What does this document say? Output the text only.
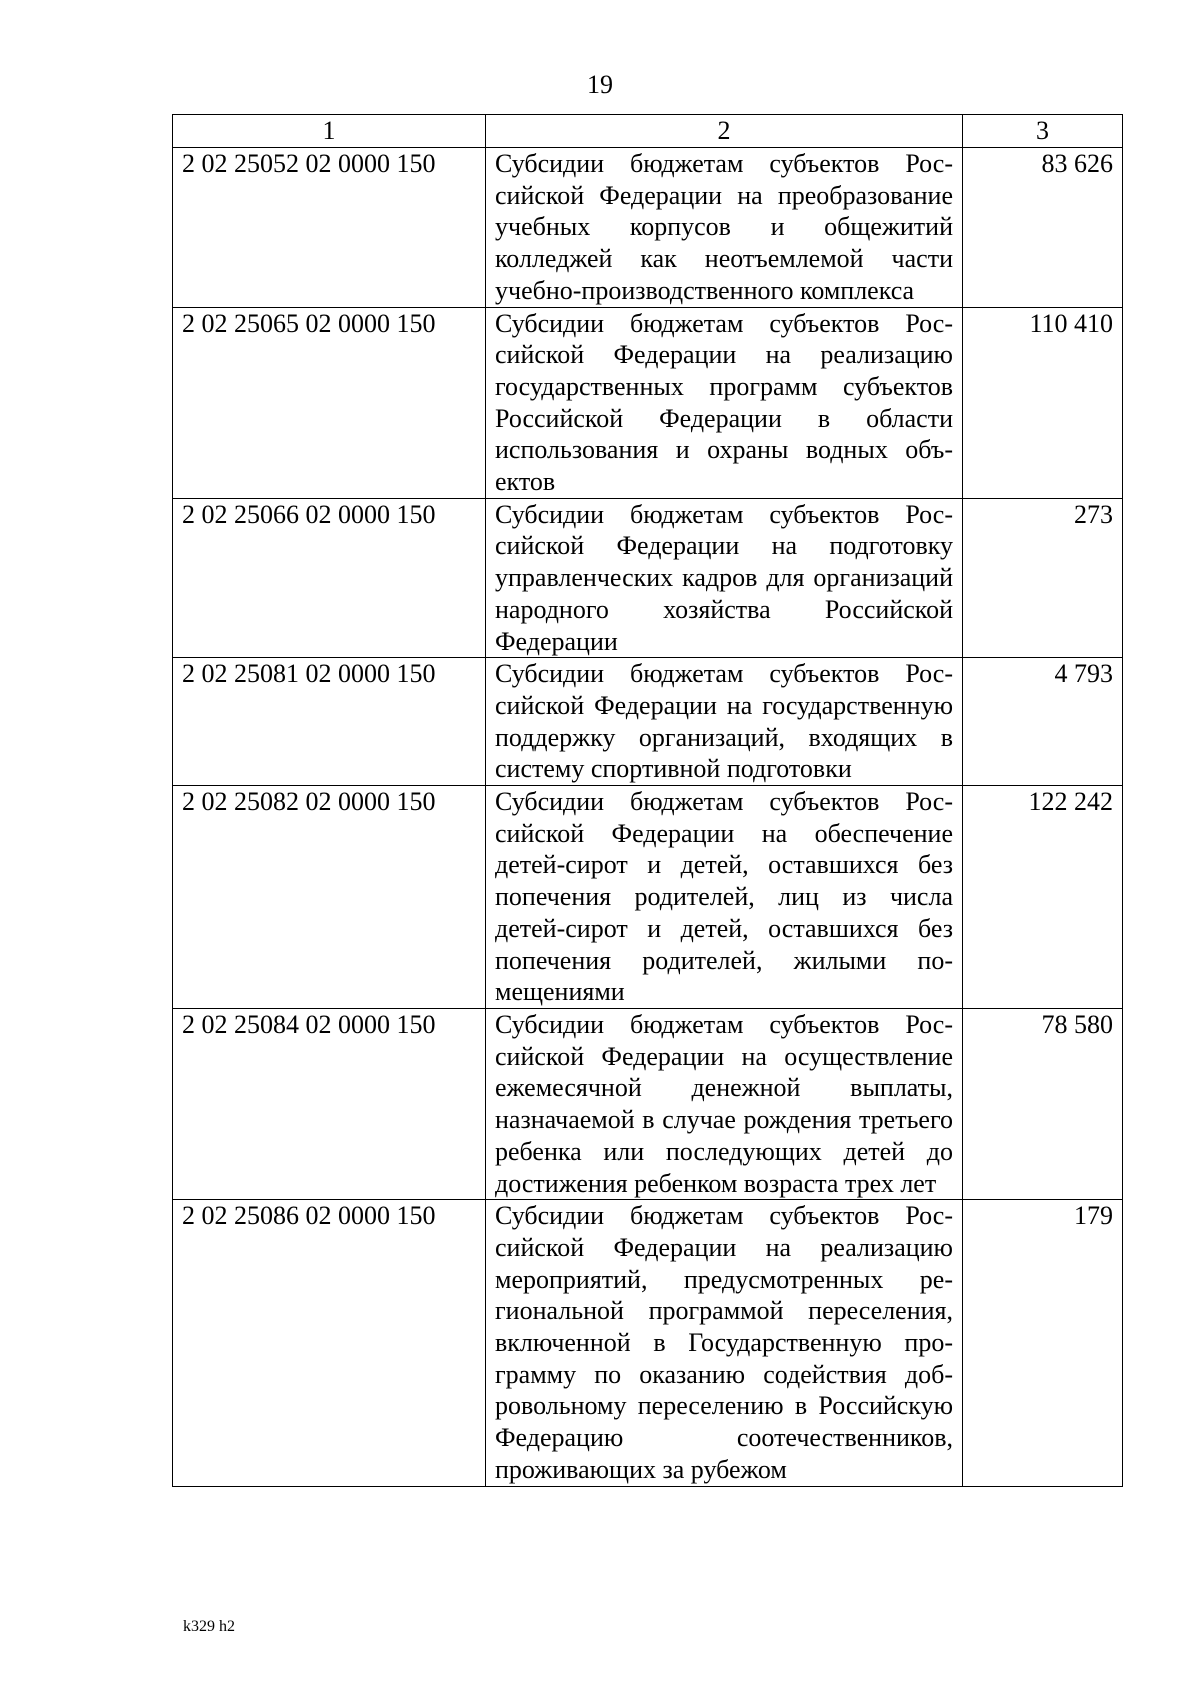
19
1	2	3
2 02 25052 02 0000 150	Субсидии бюджетам субъектов Российской Федерации на преобразование учебных корпусов и общежитий колледжей как неотъемлемой части учебно-производственного комплекса	83 626
2 02 25065 02 0000 150	Субсидии бюджетам субъектов Российской Федерации на реализацию государственных программ субъектов Российской Федерации в области использования и охраны водных объектов	110 410
2 02 25066 02 0000 150	Субсидии бюджетам субъектов Российской Федерации на подготовку управленческих кадров для организаций народного хозяйства Российской Федерации	273
2 02 25081 02 0000 150	Субсидии бюджетам субъектов Российской Федерации на государственную поддержку организаций, входящих в систему спортивной подготовки	4 793
2 02 25082 02 0000 150	Субсидии бюджетам субъектов Российской Федерации на обеспечение детей-сирот и детей, оставшихся без попечения родителей, лиц из числа детей-сирот и детей, оставшихся без попечения родителей, жилыми помещениями	122 242
2 02 25084 02 0000 150	Субсидии бюджетам субъектов Российской Федерации на осуществление ежемесячной денежной выплаты, назначаемой в случае рождения третьего ребенка или последующих детей до достижения ребенком возраста трех лет	78 580
2 02 25086 02 0000 150	Субсидии бюджетам субъектов Российской Федерации на реализацию мероприятий, предусмотренных региональной программой переселения, включенной в Государственную программу по оказанию содействия добровольному переселению в Российскую Федерацию соотечественников, проживающих за рубежом	179
k329 h2
